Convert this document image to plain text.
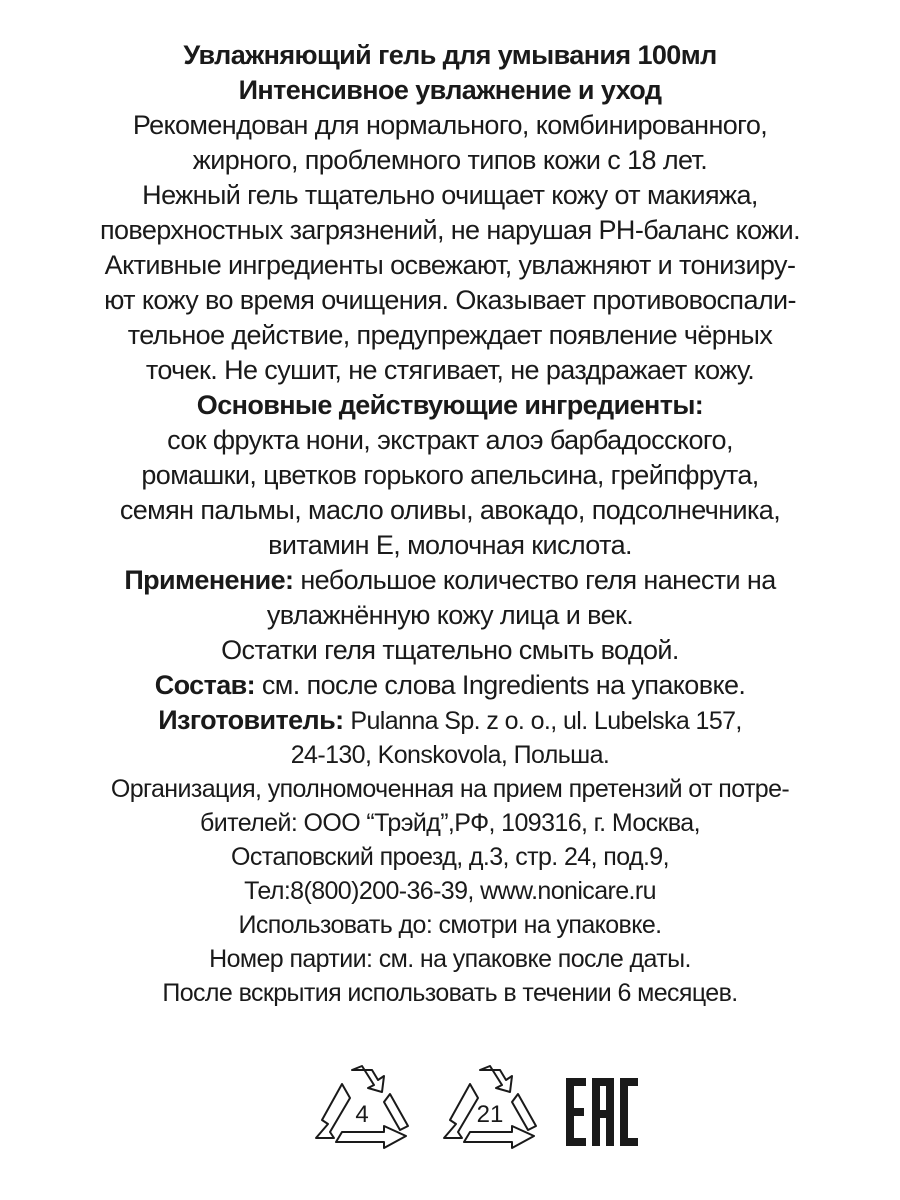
Увлажняющий гель для умывания 100мл
Интенсивное увлажнение и уход
Рекомендован для нормального, комбинированного,
жирного, проблемного типов кожи с 18 лет.
Нежный гель тщательно очищает кожу от макияжа,
поверхностных загрязнений, не нарушая РН-баланс кожи.
Активные ингредиенты освежают, увлажняют и тонизиру-
ют кожу во время очищения. Оказывает противовоспали-
тельное действие, предупреждает появление чёрных
точек. Не сушит, не стягивает, не раздражает кожу.
Основные действующие ингредиенты:
сок фрукта нони, экстракт алоэ барбадосского,
ромашки, цветков горького апельсина, грейпфрута,
семян пальмы, масло оливы, авокадо, подсолнечника,
витамин Е, молочная кислота.
Применение: небольшое количество геля нанести на
увлажнённую кожу лица и век.
Остатки геля тщательно смыть водой.
Состав: см. после слова Ingredients на упаковке.
Изготовитель: Pulanna Sp. z o. o., ul. Lubelska 157,
24-130, Konskovola, Польша.
Организация, уполномоченная на прием претензий от потре-
бителей: ООО “Трэйд”,РФ, 109316, г. Москва,
Остаповский проезд, д.3, стр. 24, под.9,
Тел:8(800)200-36-39, www.nonicare.ru
Использовать до: смотри на упаковке.
Номер партии: см. на упаковке после даты.
После вскрытия использовать в течении 6 месяцев.
4	21
